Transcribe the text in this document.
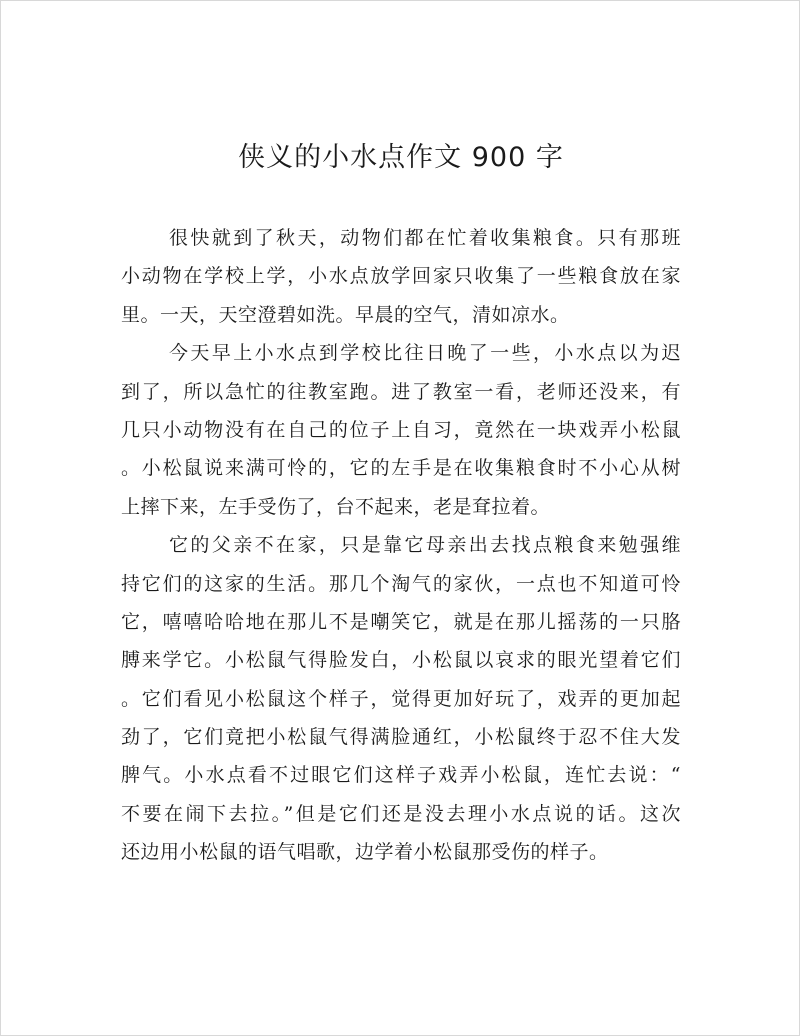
侠义的小水点作文 900 字
很快就到了秋天，动物们都在忙着收集粮食。只有那班
小动物在学校上学，小水点放学回家只收集了一些粮食放在家
里。一天，天空澄碧如洗。早晨的空气，清如凉水。
今天早上小水点到学校比往日晚了一些，小水点以为迟
到了，所以急忙的往教室跑。进了教室一看，老师还没来，有
几只小动物没有在自己的位子上自习，竟然在一块戏弄小松鼠
。小松鼠说来满可怜的，它的左手是在收集粮食时不小心从树
上摔下来，左手受伤了，台不起来，老是耷拉着。
它的父亲不在家，只是靠它母亲出去找点粮食来勉强维
持它们的这家的生活。那几个淘气的家伙，一点也不知道可怜
它，嘻嘻哈哈地在那儿不是嘲笑它，就是在那儿摇荡的一只胳
膊来学它。小松鼠气得脸发白，小松鼠以哀求的眼光望着它们
。它们看见小松鼠这个样子，觉得更加好玩了，戏弄的更加起
劲了，它们竟把小松鼠气得满脸通红，小松鼠终于忍不住大发
脾气。小水点看不过眼它们这样子戏弄小松鼠，连忙去说：“
不要在闹下去拉。”但是它们还是没去理小水点说的话。这次
还边用小松鼠的语气唱歌，边学着小松鼠那受伤的样子。
